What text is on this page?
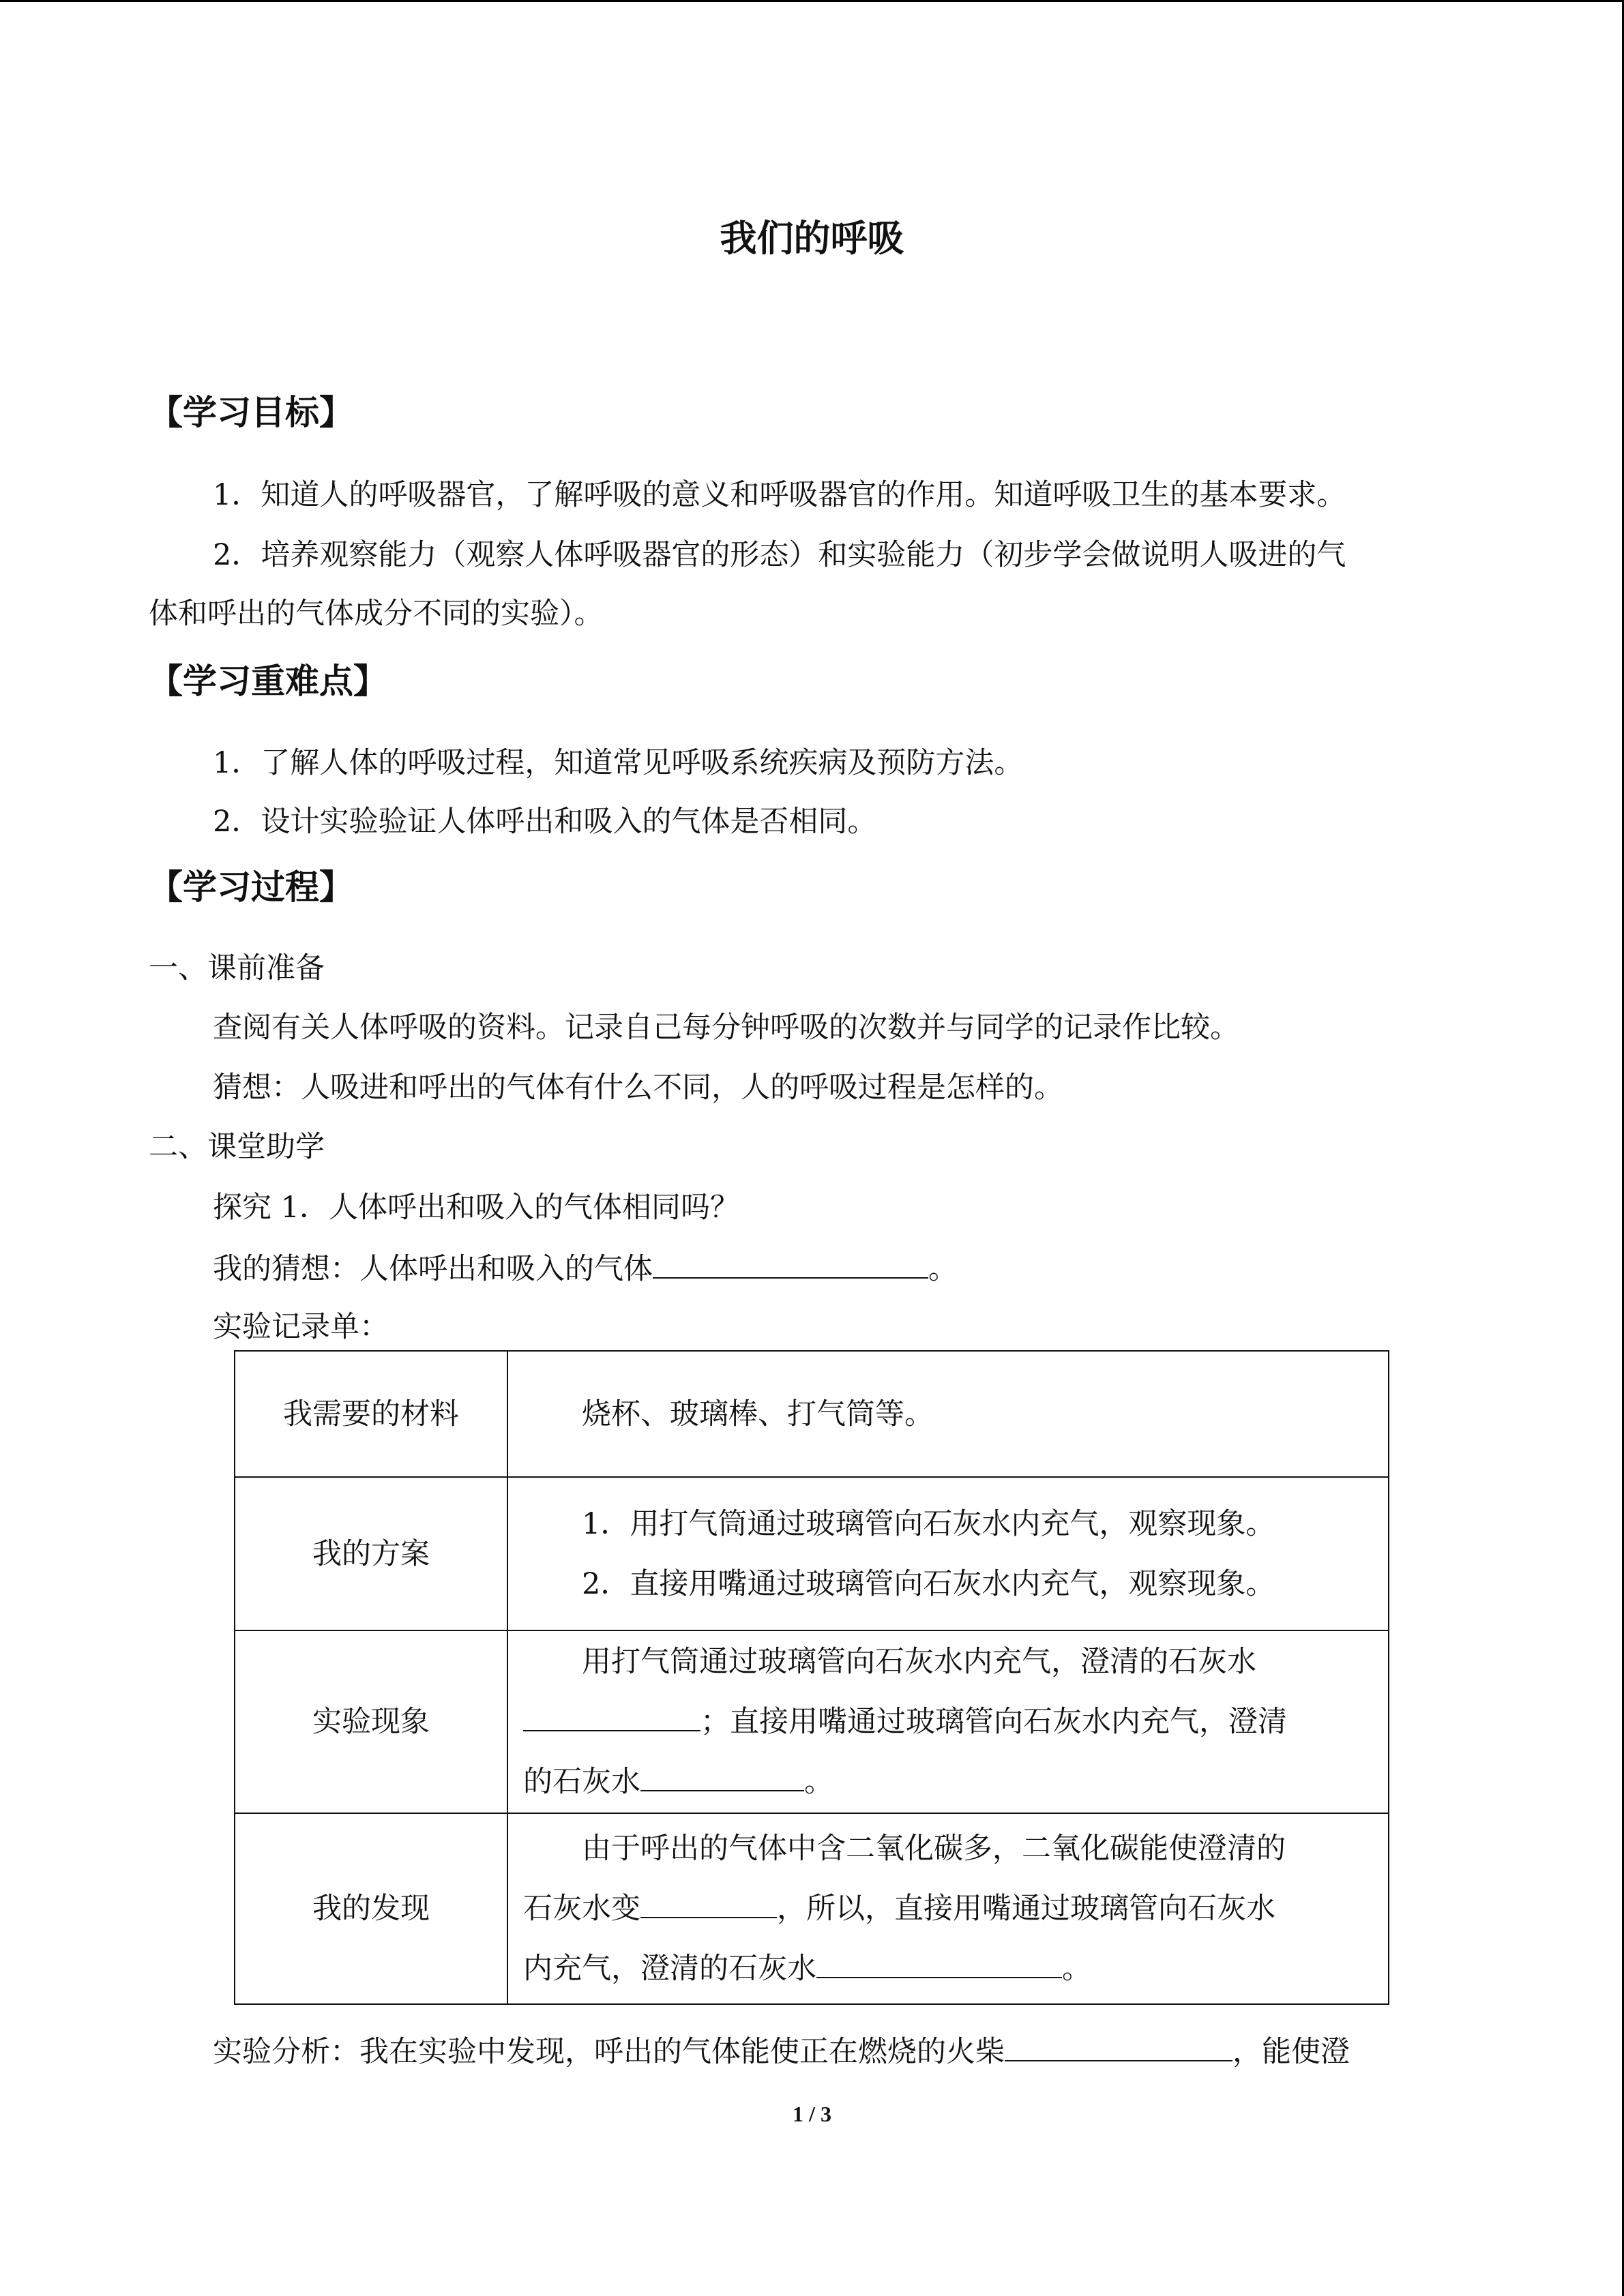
我们的呼吸
【学习目标】
1．知道人的呼吸器官，了解呼吸的意义和呼吸器官的作用。知道呼吸卫生的基本要求。
2．培养观察能力（观察人体呼吸器官的形态）和实验能力（初步学会做说明人吸进的气
体和呼出的气体成分不同的实验）。
【学习重难点】
1．了解人体的呼吸过程，知道常见呼吸系统疾病及预防方法。
2．设计实验验证人体呼出和吸入的气体是否相同。
【学习过程】
一、课前准备
查阅有关人体呼吸的资料。记录自己每分钟呼吸的次数并与同学的记录作比较。
猜想：人吸进和呼出的气体有什么不同，人的呼吸过程是怎样的。
二、课堂助学
探究 1．人体呼出和吸入的气体相同吗？
我的猜想：人体呼出和吸入的气体	。
实验记录单：
我需要的材料	烧杯、玻璃棒、打气筒等。

我的方案	1．用打气筒通过玻璃管向石灰水内充气，观察现象。
2．直接用嘴通过玻璃管向石灰水内充气，观察现象。

实验现象	用打气筒通过玻璃管向石灰水内充气，澄清的石灰水
；直接用嘴通过玻璃管向石灰水内充气，澄清
的石灰水 。

我的发现	由于呼出的气体中含二氧化碳多，二氧化碳能使澄清的
石灰水变 ，所以，直接用嘴通过玻璃管向石灰水
内充气，澄清的石灰水 。
实验分析：我在实验中发现，呼出的气体能使正在燃烧的火柴	，能使澄
1 / 3
